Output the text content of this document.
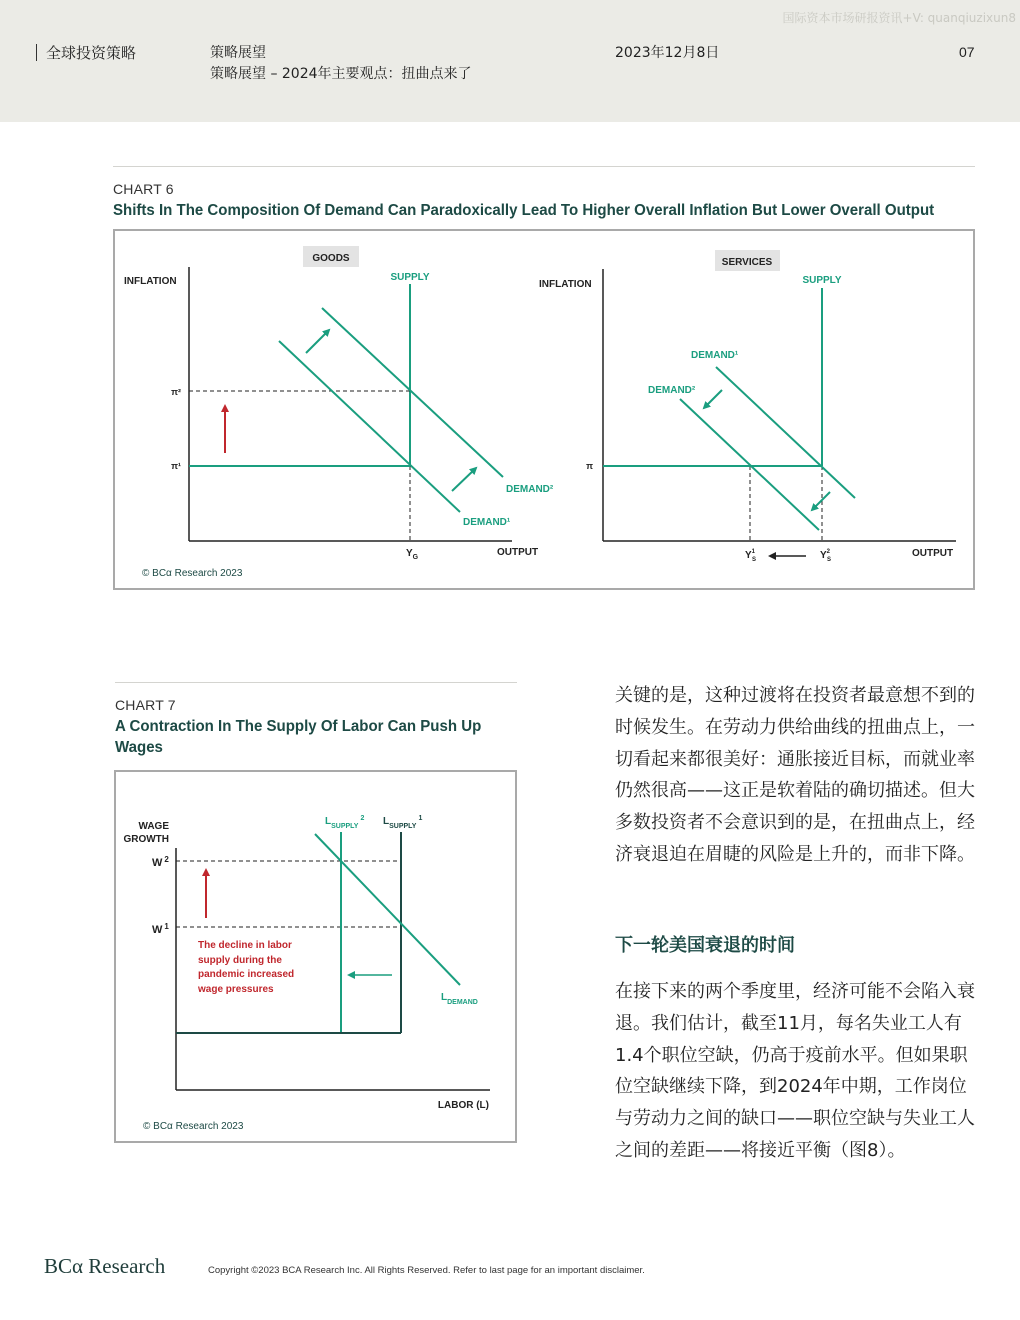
国际资本市场研报资讯+V: quanqiuzixun8
全球投资策略	策略展望
策略展望 – 2024年主要观点：扭曲点来了
2023年12月8日	07
CHART 6
Shifts In The Composition Of Demand Can Paradoxically Lead To Higher Overall Inflation But Lower Overall Output
GOODS
INFLATION	SUPPLY
π²
π¹
DEMAND²
DEMAND¹
$Y_G$	OUTPUT
SERVICES
INFLATION	SUPPLY
DEMAND¹
DEMAND²
π
$Y^1$ S	$Y^2$ S
OUTPUT
© BCα Research 2023
CHART 7
A Contraction In The Supply Of Labor Can Push Up Wages
WAGE
GROWTH
W $^2$
W $^1$
$L_{SUPPLY}^2$ $L_{SUPPLY}^1$
$L_{DEMAND}$
The decline in labor
supply during the
pandemic increased
wage pressures
LABOR (L)
© BCα Research 2023
关键的是，这种过渡将在投资者最意想不到的时候发生。在劳动力供给曲线的扭曲点上，一切看起来都很美好：通胀接近目标，而就业率仍然很高——这正是软着陆的确切描述。但大多数投资者不会意识到的是，在扭曲点上，经济衰退迫在眉睫的风险是上升的，而非下降。
下一轮美国衰退的时间
在接下来的两个季度里，经济可能不会陷入衰退。我们估计，截至11月，每名失业工人有1.4个职位空缺，仍高于疫前水平。但如果职位空缺继续下降，到2024年中期，工作岗位与劳动力之间的缺口——职位空缺与失业工人之间的差距——将接近平衡（图8）。
BCα Research	Copyright ©2023 BCA Research Inc. All Rights Reserved. Refer to last page for an important disclaimer.
